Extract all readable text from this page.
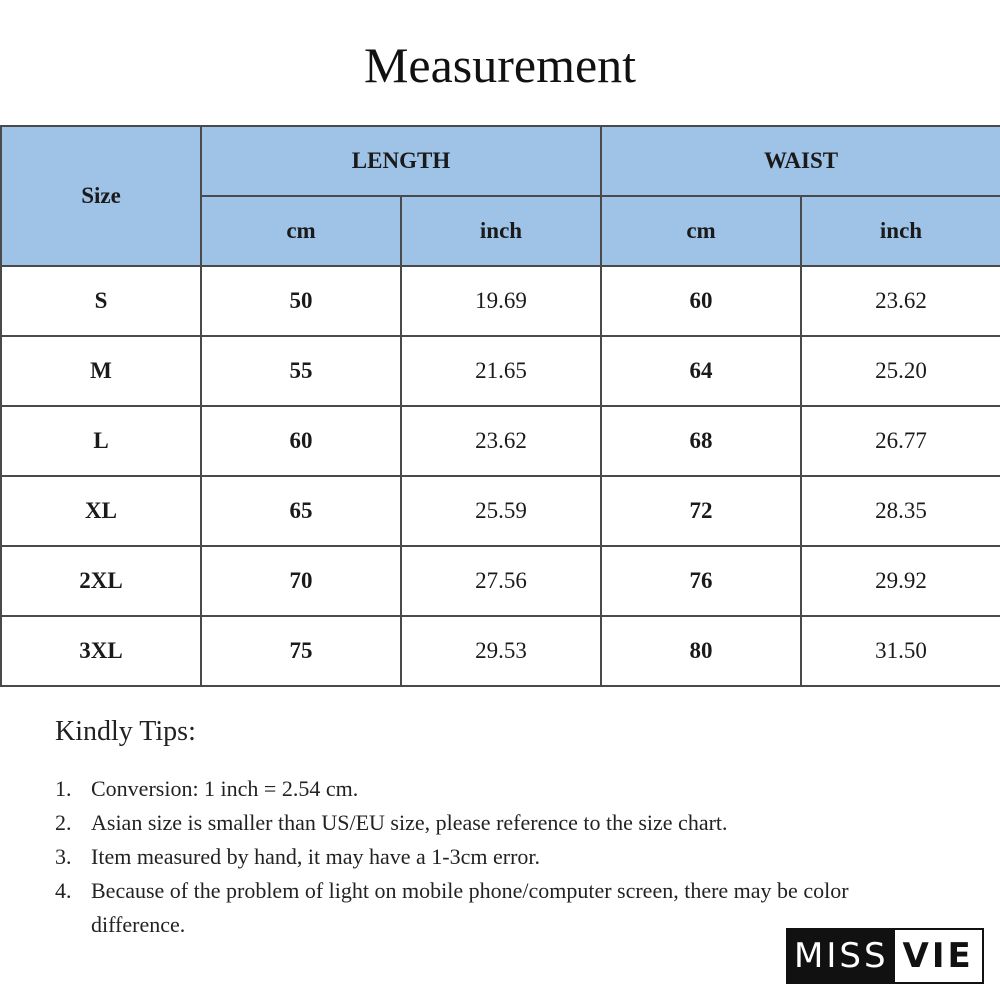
Measurement
Size	LENGTH		WAIST	
	cm	inch	cm	inch
S	50	19.69	60	23.62
M	55	21.65	64	25.20
L	60	23.62	68	26.77
XL	65	25.59	72	28.35
2XL	70	27.56	76	29.92
3XL	75	29.53	80	31.50
Kindly Tips:
1. Conversion: 1 inch = 2.54 cm.
2. Asian size is smaller than US/EU size, please reference to the size chart.
3. Item measured by hand, it may have a 1-3cm error.
4. Because of the problem of light on mobile phone/computer screen, there may be color difference.
MISS VIE
